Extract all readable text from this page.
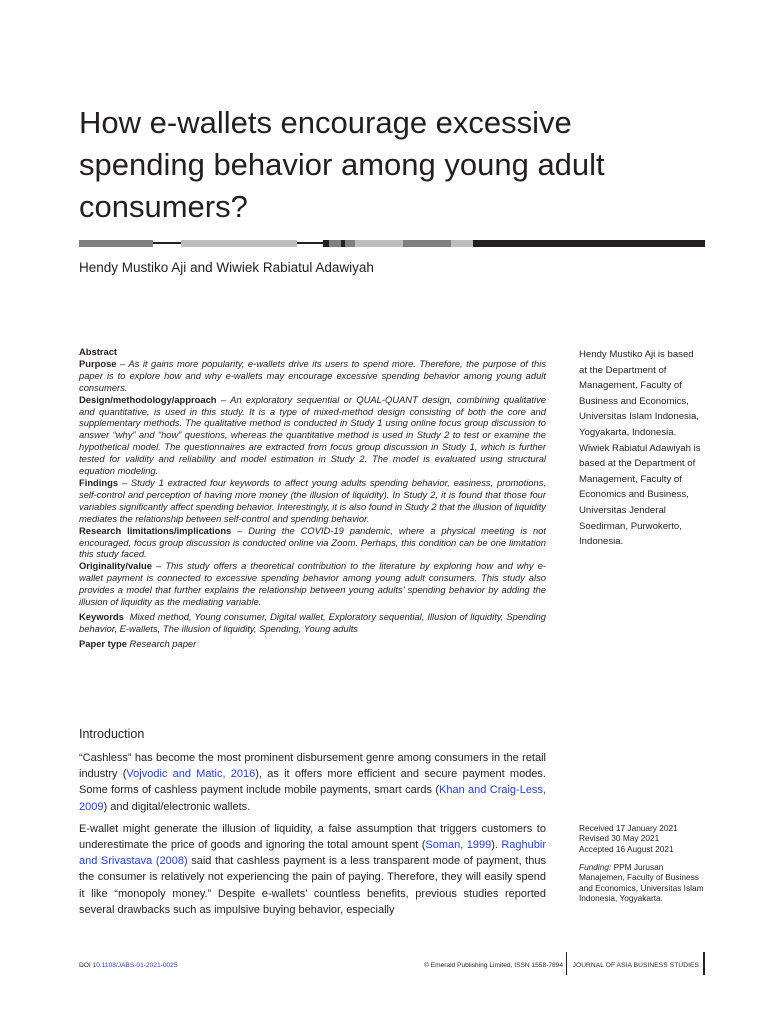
How e-wallets encourage excessive spending behavior among young adult consumers?
Hendy Mustiko Aji and Wiwiek Rabiatul Adawiyah

Abstract

Purpose – As it gains more popularity, e-wallets drive its users to spend more. Therefore, the purpose of this paper is to explore how and why e-wallets may encourage excessive spending behavior among young adult consumers.

Design/methodology/approach – An exploratory sequential or QUAL-QUANT design, combining qualitative and quantitative, is used in this study. It is a type of mixed-method design consisting of both the core and supplementary methods. The qualitative method is conducted in Study 1 using online focus group discussion to answer “why” and “how” questions, whereas the quantitative method is used in Study 2 to test or examine the hypothetical model. The questionnaires are extracted from focus group discussion in Study 1, which is further tested for validity and reliability and model estimation in Study 2. The model is evaluated using structural equation modeling.

Findings – Study 1 extracted four keywords to affect young adults spending behavior, easiness, promotions, self-control and perception of having more money (the illusion of liquidity). In Study 2, it is found that those four variables significantly affect spending behavior. Interestingly, it is also found in Study 2 that the illusion of liquidity mediates the relationship between self-control and spending behavior.

Research limitations/implications – During the COVID-19 pandemic, where a physical meeting is not encouraged, focus group discussion is conducted online via Zoom. Perhaps, this condition can be one limitation this study faced.

Originality/value – This study offers a theoretical contribution to the literature by exploring how and why e-wallet payment is connected to excessive spending behavior among young adult consumers. This study also provides a model that further explains the relationship between young adults’ spending behavior by adding the illusion of liquidity as the mediating variable.

Keywords Mixed method, Young consumer, Digital wallet, Exploratory sequential, Illusion of liquidity, Spending behavior, E-wallets, The illusion of liquidity, Spending, Young adults

Paper type Research paper

Hendy Mustiko Aji is based at the Department of Management, Faculty of Business and Economics, Universitas Islam Indonesia, Yogyakarta, Indonesia. Wiwiek Rabiatul Adawiyah is based at the Department of Management, Faculty of Economics and Business, Universitas Jenderal Soedirman, Purwokerto, Indonesia.
Introduction

“Cashless” has become the most prominent disbursement genre among consumers in the retail industry (Vojvodic and Matic, 2016), as it offers more efficient and secure payment modes. Some forms of cashless payment include mobile payments, smart cards (Khan and Craig-Less, 2009) and digital/electronic wallets.

E-wallet might generate the illusion of liquidity, a false assumption that triggers customers to underestimate the price of goods and ignoring the total amount spent (Soman, 1999). Raghubir and Srivastava (2008) said that cashless payment is a less transparent mode of payment, thus the consumer is relatively not experiencing the pain of paying. Therefore, they will easily spend it like “monopoly money.” Despite e-wallets’ countless benefits, previous studies reported several drawbacks such as impulsive buying behavior, especially

Received 17 January 2021
Revised 30 May 2021
Accepted 16 August 2021
Funding: PPM Jurusan Manajemen, Faculty of Business and Economics, Universitas Islam Indonesia, Yogyakarta.
DOI 10.1108/JABS-01-2021-0025	© Emerald Publishing Limited, ISSN 1558-7894 JOURNAL OF ASIA BUSINESS STUDIES
